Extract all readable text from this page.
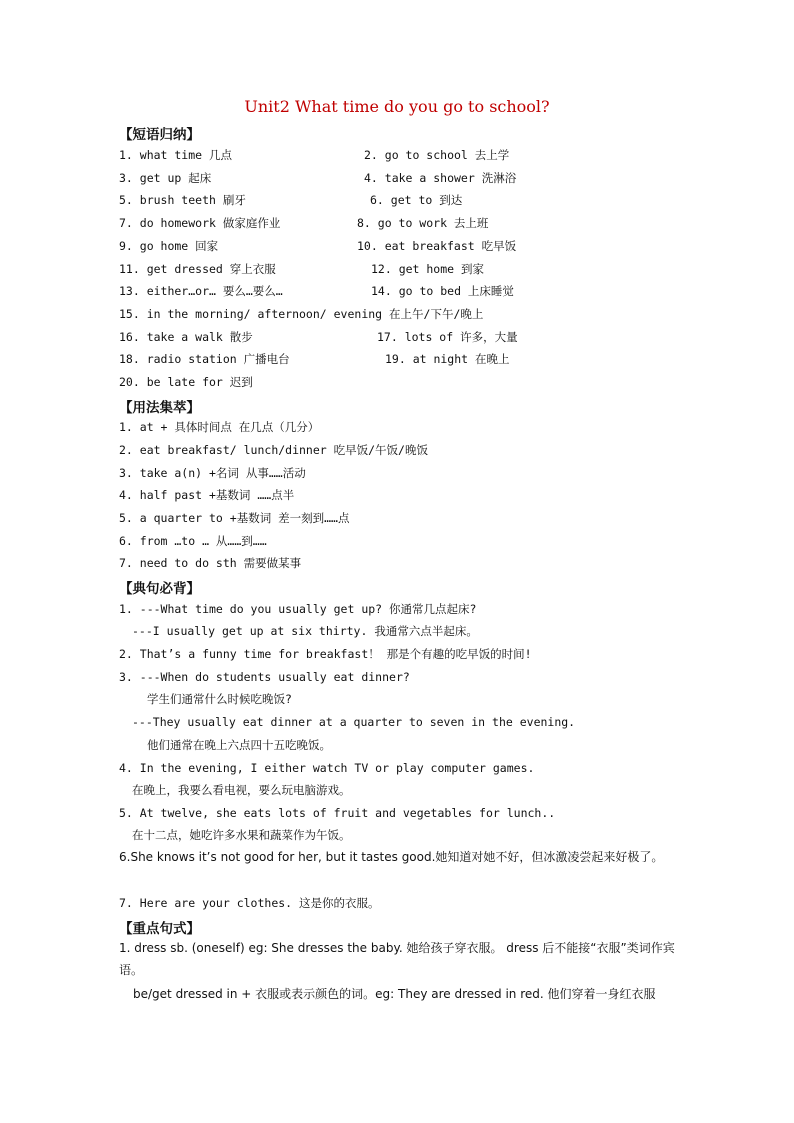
Unit2 What time do you go to school?
【短语归纳】
1. what time 几点	2. go to school 去上学
3. get up 起床	4. take a shower 洗淋浴
5. brush teeth 刷牙	6. get to 到达
7. do homework 做家庭作业	8. go to work 去上班
9. go home 回家	10. eat breakfast 吃早饭
11. get dressed 穿上衣服	12. get home 到家
13. either…or… 要么…要么…	14. go to bed 上床睡觉
15. in the morning/ afternoon/ evening 在上午/下午/晚上
16. take a walk 散步	17. lots of 许多，大量
18. radio station 广播电台	19. at night 在晚上
20. be late for 迟到
【用法集萃】
1. at + 具体时间点 在几点（几分）
2. eat breakfast/ lunch/dinner 吃早饭/午饭/晚饭
3. take a(n) +名词 从事……活动
4. half past +基数词 ……点半
5. a quarter to +基数词 差一刻到……点
6. from …to … 从……到……
7. need to do sth 需要做某事
【典句必背】
1. ---What time do you usually get up? 你通常几点起床?
---I usually get up at six thirty. 我通常六点半起床。
2. That’s a funny time for breakfast！ 那是个有趣的吃早饭的时间!
3. ---When do students usually eat dinner?
学生们通常什么时候吃晚饭?
---They usually eat dinner at a quarter to seven in the evening.
他们通常在晚上六点四十五吃晚饭。
4. In the evening, I either watch TV or play computer games.
在晚上，我要么看电视，要么玩电脑游戏。
5. At twelve, she eats lots of fruit and vegetables for lunch..
在十二点，她吃许多水果和蔬菜作为午饭。
6.She knows it’s not good for her, but it tastes good.她知道对她不好，但冰激凌尝起来好极了。
7. Here are your clothes. 这是你的衣服。
【重点句式】
1. dress sb. (oneself) eg: She dresses the baby. 她给孩子穿衣服。 dress 后不能接“衣服”类词作宾语。
be/get dressed in + 衣服或表示颜色的词。eg: They are dressed in red. 他们穿着一身红衣服
